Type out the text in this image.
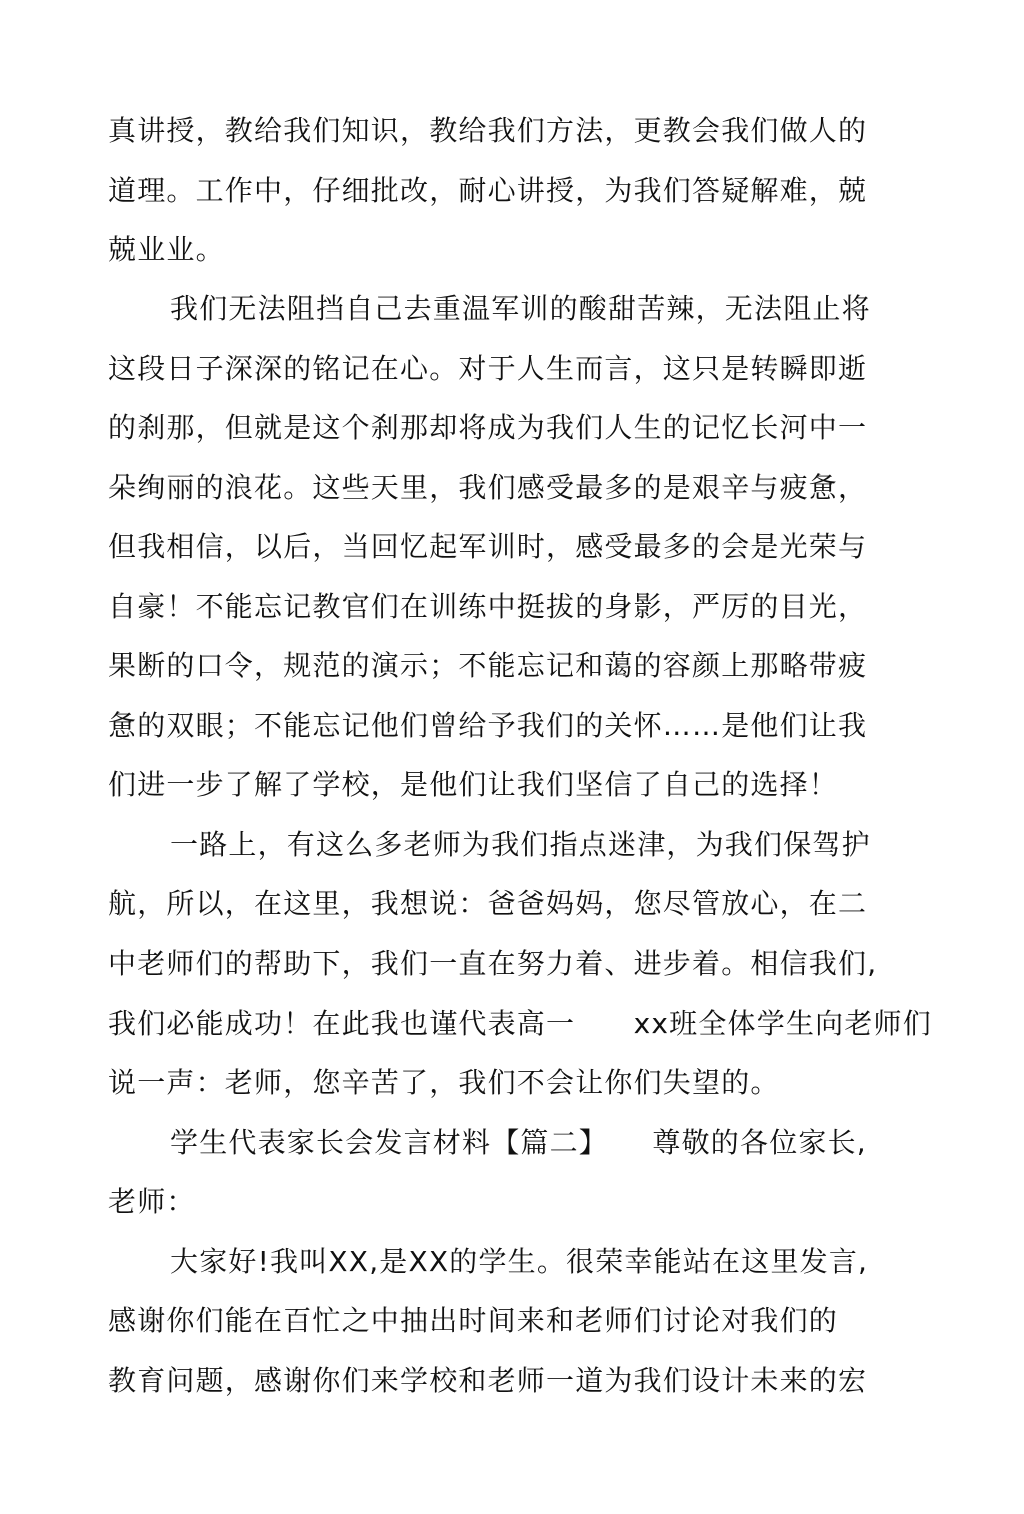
真讲授，教给我们知识，教给我们方法，更教会我们做人的
道理。工作中，仔细批改，耐心讲授，为我们答疑解难，兢
兢业业。
我们无法阻挡自己去重温军训的酸甜苦辣，无法阻止将
这段日子深深的铭记在心。对于人生而言，这只是转瞬即逝
的刹那，但就是这个刹那却将成为我们人生的记忆长河中一
朵绚丽的浪花。这些天里，我们感受最多的是艰辛与疲惫，
但我相信，以后，当回忆起军训时，感受最多的会是光荣与
自豪！不能忘记教官们在训练中挺拔的身影，严厉的目光，
果断的口令，规范的演示；不能忘记和蔼的容颜上那略带疲
惫的双眼；不能忘记他们曾给予我们的关怀……是他们让我
们进一步了解了学校，是他们让我们坚信了自己的选择！
一路上，有这么多老师为我们指点迷津，为我们保驾护
航，所以，在这里，我想说：爸爸妈妈，您尽管放心，在二
中老师们的帮助下，我们一直在努力着、进步着。相信我们,
我们必能成功！在此我也谨代表高一　　xx班全体学生向老师们
说一声：老师，您辛苦了，我们不会让你们失望的。
学生代表家长会发言材料【篇二】　　尊敬的各位家长,
老师：
大家好!我叫XX,是XX的学生。很荣幸能站在这里发言,
感谢你们能在百忙之中抽出时间来和老师们讨论对我们的
教育问题，感谢你们来学校和老师一道为我们设计未来的宏
